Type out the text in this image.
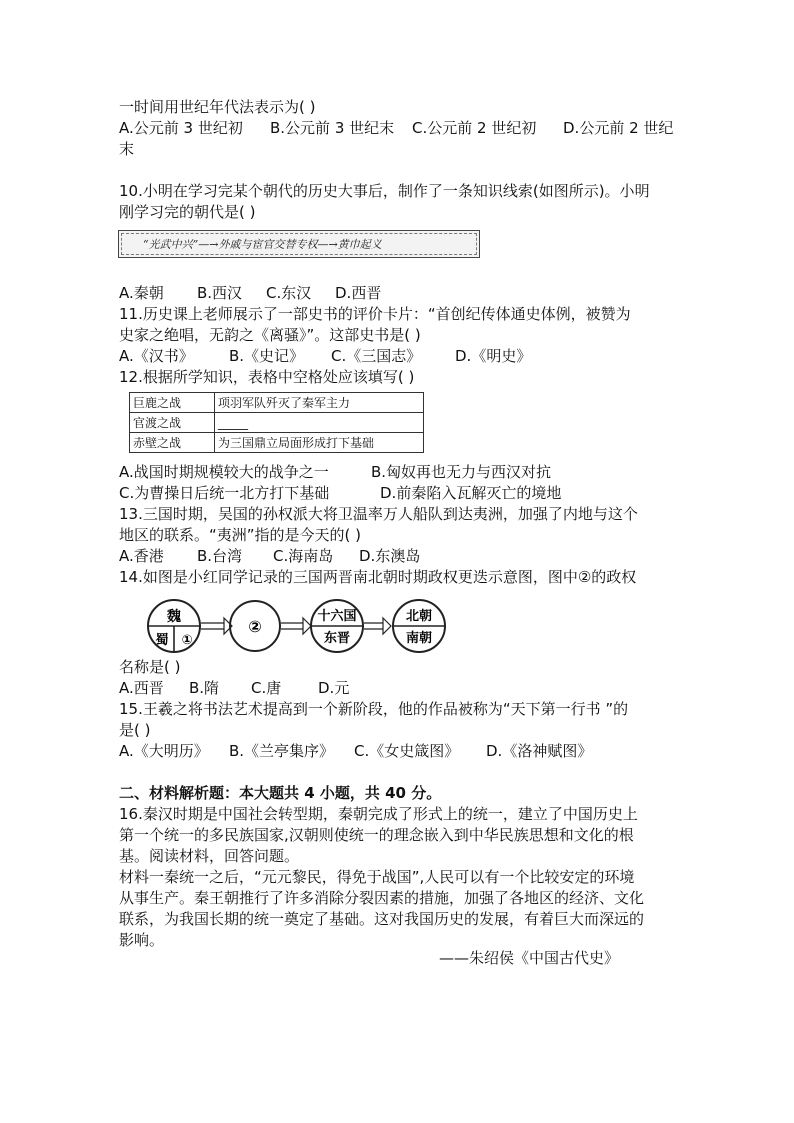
一时间用世纪年代法表示为( )
A.公元前 3 世纪初 B.公元前 3 世纪末 C.公元前 2 世纪初 D.公元前 2 世纪
末
10.小明在学习完某个朝代的历史大事后，制作了一条知识线索(如图所示)。小明
刚学习完的朝代是( )
“光武中兴”—→外戚与宦官交替专权—→黄巾起义
A.秦朝 B.西汉 C.东汉 D.西晋
11.历史课上老师展示了一部史书的评价卡片：“首创纪传体通史体例，被赞为
史家之绝唱，无韵之《离骚》”。这部史书是( )
A.《汉书》 B.《史记》 C.《三国志》 D.《明史》
12.根据所学知识，表格中空格处应该填写( )
巨鹿之战	项羽军队歼灭了秦军主力
官渡之战	_____
赤壁之战	为三国鼎立局面形成打下基础
A.战国时期规模较大的战争之一	B.匈奴再也无力与西汉对抗
C.为曹操日后统一北方打下基础	D.前秦陷入瓦解灭亡的境地
13.三国时期，吴国的孙权派大将卫温率万人船队到达夷洲，加强了内地与这个
地区的联系。“夷洲”指的是今天的( )
A.香港 B.台湾 C.海南岛 D.东澳岛
14.如图是小红同学记录的三国两晋南北朝时期政权更迭示意图，图中②的政权
魏
蜀 ①
②
十六国
东晋
北朝
南朝
名称是( )
A.西晋 B.隋 C.唐 D.元
15.王羲之将书法艺术提高到一个新阶段，他的作品被称为“天下第一行书 ”的
是( )
A.《大明历》 B.《兰亭集序》 C.《女史箴图》 D.《洛神赋图》
二、材料解析题：本大题共 4 小题，共 40 分。
16.秦汉时期是中国社会转型期，秦朝完成了形式上的统一，建立了中国历史上
第一个统一的多民族国家,汉朝则使统一的理念嵌入到中华民族思想和文化的根
基。阅读材料，回答问题。
材料一秦统一之后，“元元黎民，得免于战国”,人民可以有一个比较安定的环境
从事生产。秦王朝推行了许多消除分裂因素的措施，加强了各地区的经济、文化
联系，为我国长期的统一奠定了基础。这对我国历史的发展，有着巨大而深远的
影响。
——朱绍侯《中国古代史》
